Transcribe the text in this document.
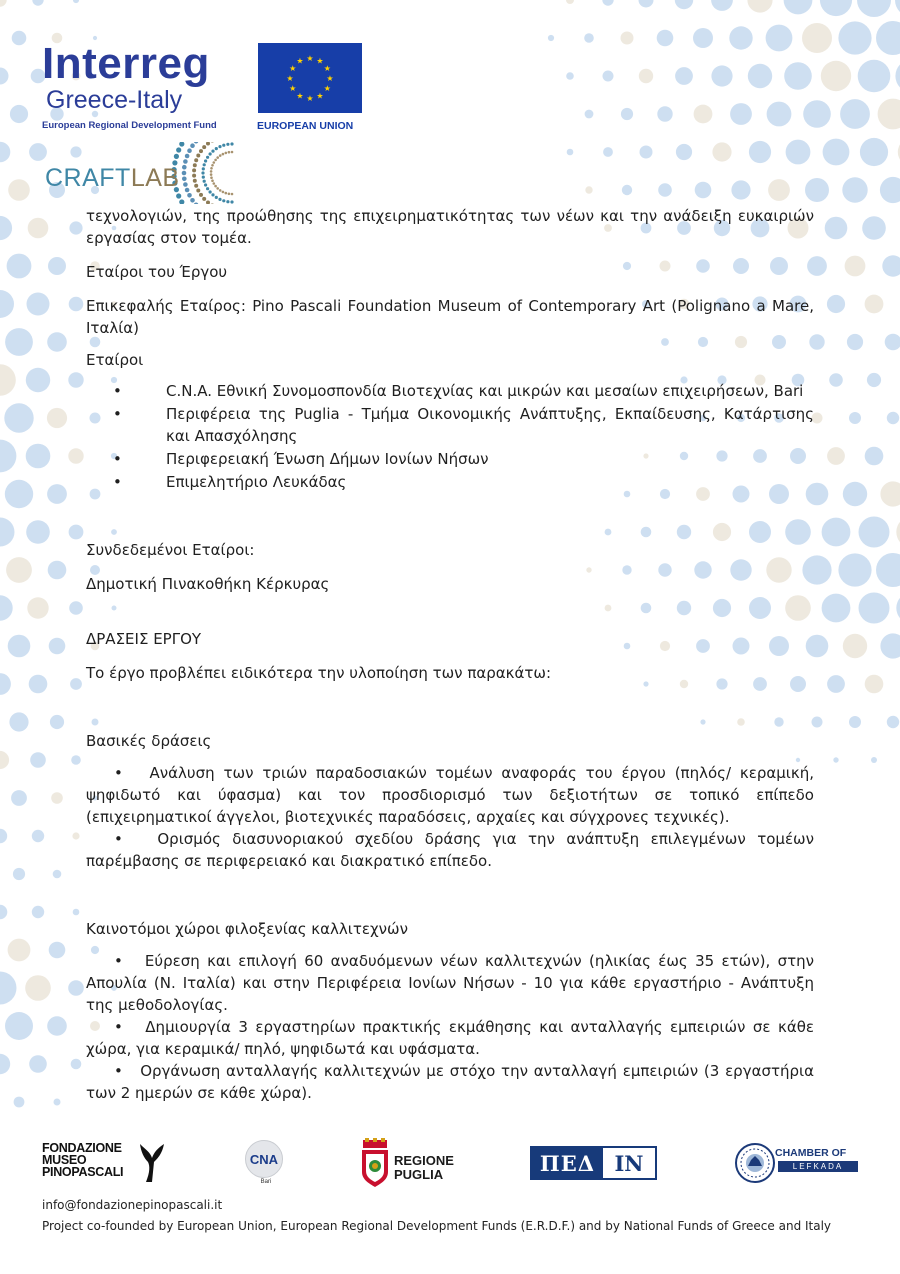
Interreg
Greece-Italy
European Regional Development Fund
★ ★
★
★
★
★
★
★
★
★
★
★
EUROPEAN UNION
CRAFTLAB

τεχνολογιών, της προώθησης της επιχειρηματικότητας των νέων και την ανάδειξη ευκαιριών εργασίας στον τομέα.

Εταίροι του Έργου

Επικεφαλής Εταίρος: Pino Pascali Foundation Museum of Contemporary Art (Polignano a Mare, Ιταλία)

Εταίροι

•	C.N.A. Εθνική Συνομοσπονδία Βιοτεχνίας και μικρών και μεσαίων επιχειρήσεων, Bari
•	Περιφέρεια της Puglia - Τμήμα Οικονομικής Ανάπτυξης, Εκπαίδευσης, Κατάρτισης και Απασχόλησης
•	Περιφερειακή Ένωση Δήμων Ιονίων Νήσων
•	Επιμελητήριο Λευκάδας

Συνδεδεμένοι Εταίροι:

Δημοτική Πινακοθήκη Κέρκυρας

ΔΡΑΣΕΙΣ ΕΡΓΟΥ

Το έργο προβλέπει ειδικότερα την υλοποίηση των παρακάτω:

Βασικές δράσεις

• Ανάλυση των τριών παραδοσιακών τομέων αναφοράς του έργου (πηλός/ κεραμική, ψηφιδωτό και ύφασμα) και τον προσδιορισμό των δεξιοτήτων σε τοπικό επίπεδο (επιχειρηματικοί άγγελοι, βιοτεχνικές παραδόσεις, αρχαίες και σύγχρονες τεχνικές).
• Ορισμός διασυνοριακού σχεδίου δράσης για την ανάπτυξη επιλεγμένων τομέων παρέμβασης σε περιφερειακό και διακρατικό επίπεδο.

Καινοτόμοι χώροι φιλοξενίας καλλιτεχνών

• Εύρεση και επιλογή 60 αναδυόμενων νέων καλλιτεχνών (ηλικίας έως 35 ετών), στην Απουλία (Ν. Ιταλία) και στην Περιφέρεια Ιονίων Νήσων - 10 για κάθε εργαστήριο - Ανάπτυξη της μεθοδολογίας.
• Δημιουργία 3 εργαστηρίων πρακτικής εκμάθησης και ανταλλαγής εμπειριών σε κάθε χώρα, για κεραμικά/ πηλό, ψηφιδωτά και υφάσματα.
• Οργάνωση ανταλλαγής καλλιτεχνών με στόχο την ανταλλαγή εμπειριών (3 εργαστήρια των 2 ημερών σε κάθε χώρα).
FONDAZIONE
MUSEO
PINOPASCALI
CNA
Bari
REGIONE
PUGLIA	ΠΕΔ IN	CHAMBER OF
LEFKADA
info@fondazionepinopascali.it
Project co-founded by European Union, European Regional Development Funds (E.R.D.F.) and by National Funds of Greece and Italy
